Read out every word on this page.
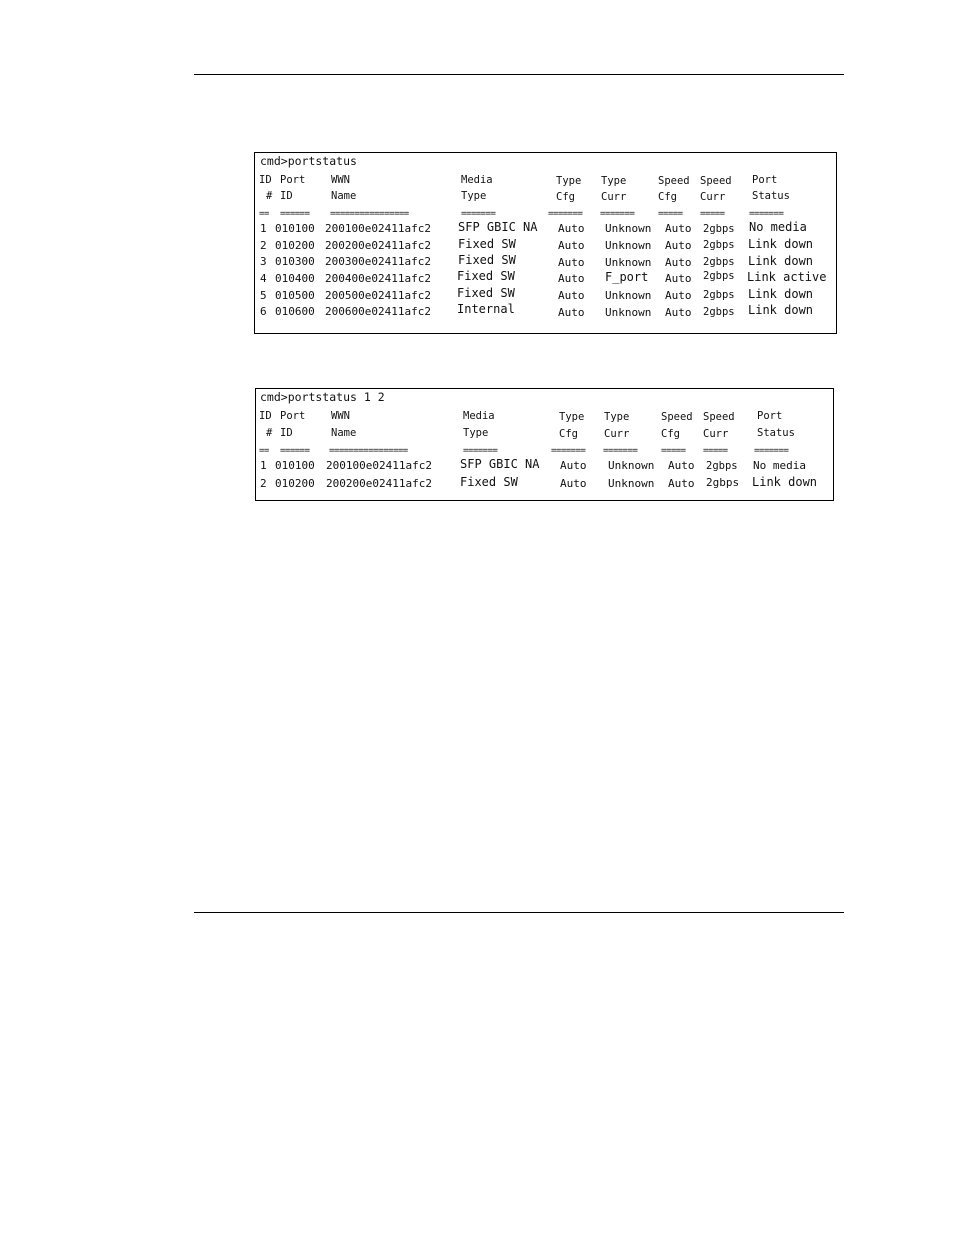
cmd>portstatus
ID Port WWN	Media	Type Type	Speed Speed Port
# ID	Name	Type	Cfg Curr	Cfg Curr	Status
== ====== ================	=======	======= =======	===== =====	=======
1 010100 200100e02411afc2 SFP GBIC NA Auto Unknown Auto 2gbps No media
2 010200 200200e02411afc2 Fixed SW	Auto Unknown Auto 2gbps Link down
3 010300 200300e02411afc2 Fixed SW	Auto Unknown Auto 2gbps Link down
4 010400 200400e02411afc2 Fixed SW	Auto F_port Auto 2gbps Link active
5 010500 200500e02411afc2 Fixed SW	Auto Unknown Auto 2gbps Link down
6 010600 200600e02411afc2 Internal	Auto Unknown Auto 2gbps Link down
cmd>portstatus 1 2
ID Port WWN	Media	Type Type	Speed Speed Port
# ID	Name	Type	Cfg Curr	Cfg Curr	Status
== ====== ================	=======	======= =======	===== =====	=======
1 010100 200100e02411afc2 SFP GBIC NA Auto Unknown Auto 2gbps No media
2 010200 200200e02411afc2 Fixed SW	Auto Unknown Auto 2gbps Link down
